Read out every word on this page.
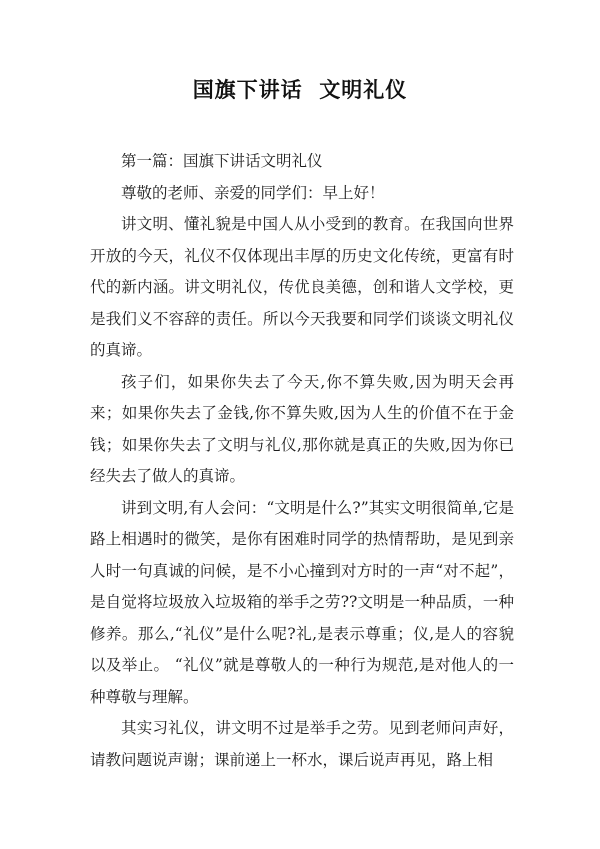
国旗下讲话  文明礼仪

第一篇：国旗下讲话文明礼仪

尊敬的老师、亲爱的同学们：早上好！

讲文明、懂礼貌是中国人从小受到的教育。在我国向世界开放的今天，礼仪不仅体现出丰厚的历史文化传统，更富有时代的新内涵。讲文明礼仪，传优良美德，创和谐人文学校，更是我们义不容辞的责任。所以今天我要和同学们谈谈文明礼仪的真谛。

孩子们，如果你失去了今天,你不算失败,因为明天会再来；如果你失去了金钱,你不算失败,因为人生的价值不在于金钱；如果你失去了文明与礼仪,那你就是真正的失败,因为你已经失去了做人的真谛。

讲到文明,有人会问：“文明是什么?”其实文明很简单,它是路上相遇时的微笑，是你有困难时同学的热情帮助，是见到亲人时一句真诚的问候，是不小心撞到对方时的一声“对不起”，是自觉将垃圾放入垃圾箱的举手之劳??文明是一种品质，一种修养。那么,“礼仪”是什么呢?礼,是表示尊重；仪,是人的容貌以及举止。 “礼仪”就是尊敬人的一种行为规范,是对他人的一种尊敬与理解。

其实习礼仪，讲文明不过是举手之劳。见到老师问声好，请教问题说声谢；课前递上一杯水，课后说声再见，路上相
